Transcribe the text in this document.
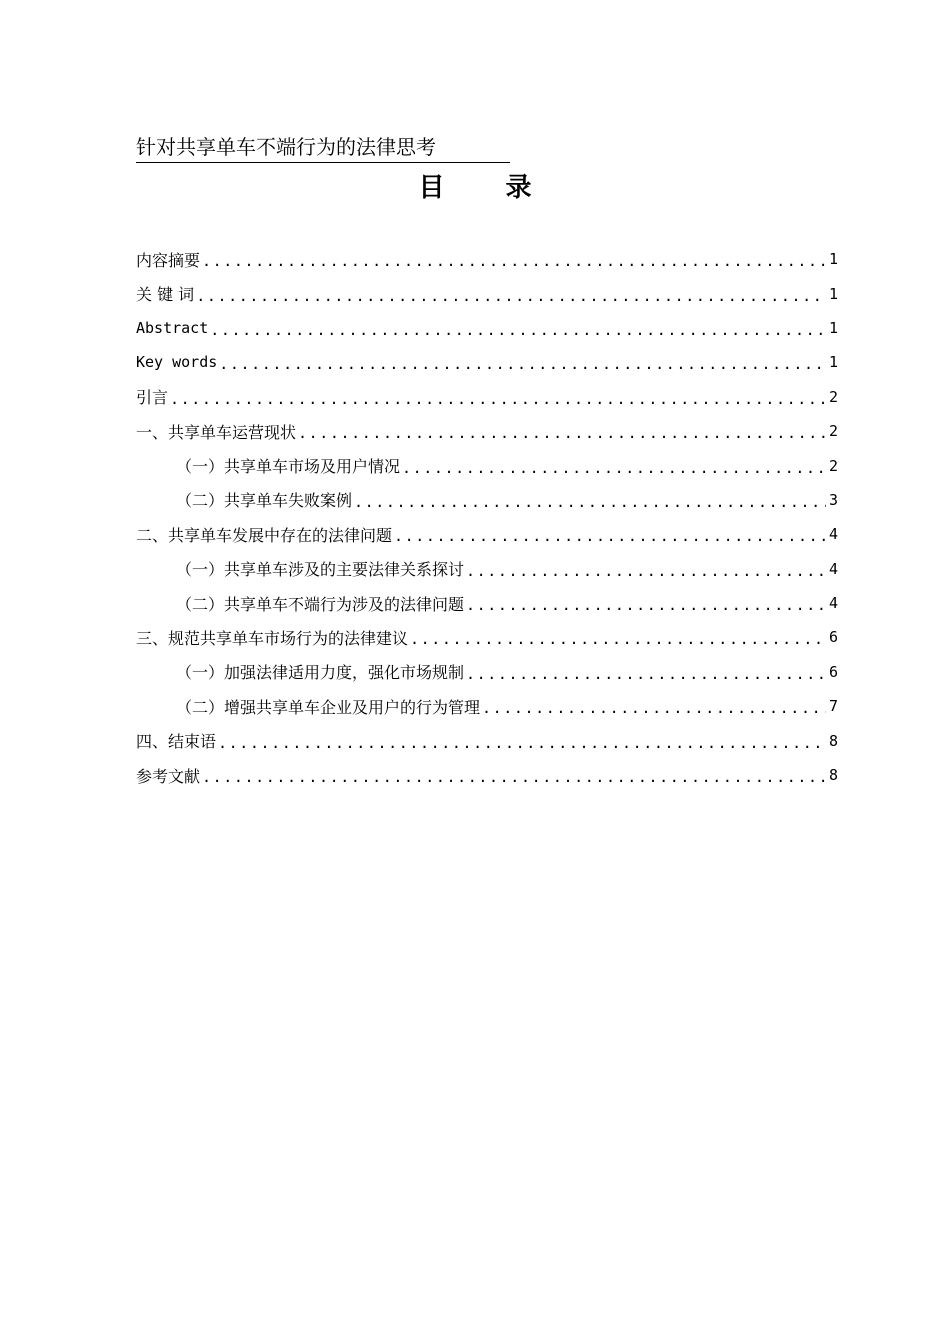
针对共享单车不端行为的法律思考
目 录
内容摘要 .....	1
关 键 词 .....	1
Abstract .....	1
Key words .....	1
引言 .....	2
一、共享单车运营现状 .....	2
（一）共享单车市场及用户情况 .....	2
（二）共享单车失败案例 .....	3
二、共享单车发展中存在的法律问题 .....	4
（一）共享单车涉及的主要法律关系探讨 .....	4
（二）共享单车不端行为涉及的法律问题 .....	4
三、规范共享单车市场行为的法律建议 .....	6
（一）加强法律适用力度，强化市场规制 .....	6
（二）增强共享单车企业及用户的行为管理 .....	7
四、结束语 .....	8
参考文献 .....	8
